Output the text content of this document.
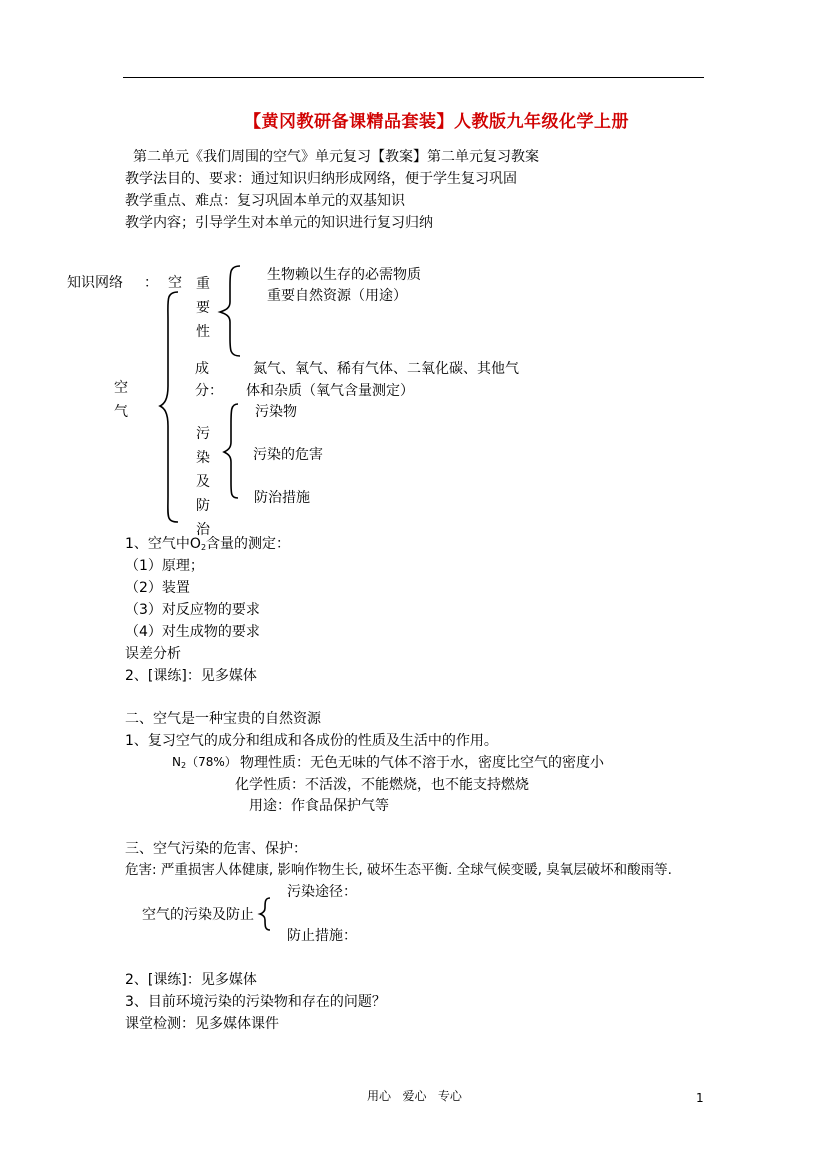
【黄冈教研备课精品套装】人教版九年级化学上册
第二单元《我们周围的空气》单元复习【教案】第二单元复习教案
教学法目的、要求：通过知识归纳形成网络，便于学生复习巩固
教学重点、难点：复习巩固本单元的双基知识
教学内容；引导学生对本单元的知识进行复习归纳
知识网络 ： 空
空气
重要性
生物赖以生存的必需物质
重要自然资源（用途）
成
分：
氮气、氧气、稀有气体、二氧化碳、其他气
体和杂质（氧气含量测定）
污染及防治
污染物
污染的危害
防治措施
1、空气中O2含量的测定：
（1）原理；
（2）装置
（3）对反应物的要求
（4）对生成物的要求
误差分析
2、[课练]：见多媒体
二、空气是一种宝贵的自然资源
1、复习空气的成分和组成和各成份的性质及生活中的作用。
N2（78%） 物理性质：无色无味的气体不溶于水，密度比空气的密度小
化学性质：不活泼，不能燃烧，也不能支持燃烧
用途：作食品保护气等
三、空气污染的危害、保护：
危害: 严重损害人体健康, 影响作物生长, 破坏生态平衡. 全球气候变暖, 臭氧层破坏和酸雨等.
污染途径：
空气的污染及防止
防止措施：
2、[课练]：见多媒体
3、目前环境污染的污染物和存在的问题？
课堂检测：见多媒体课件
用心   爱心   专心	1
